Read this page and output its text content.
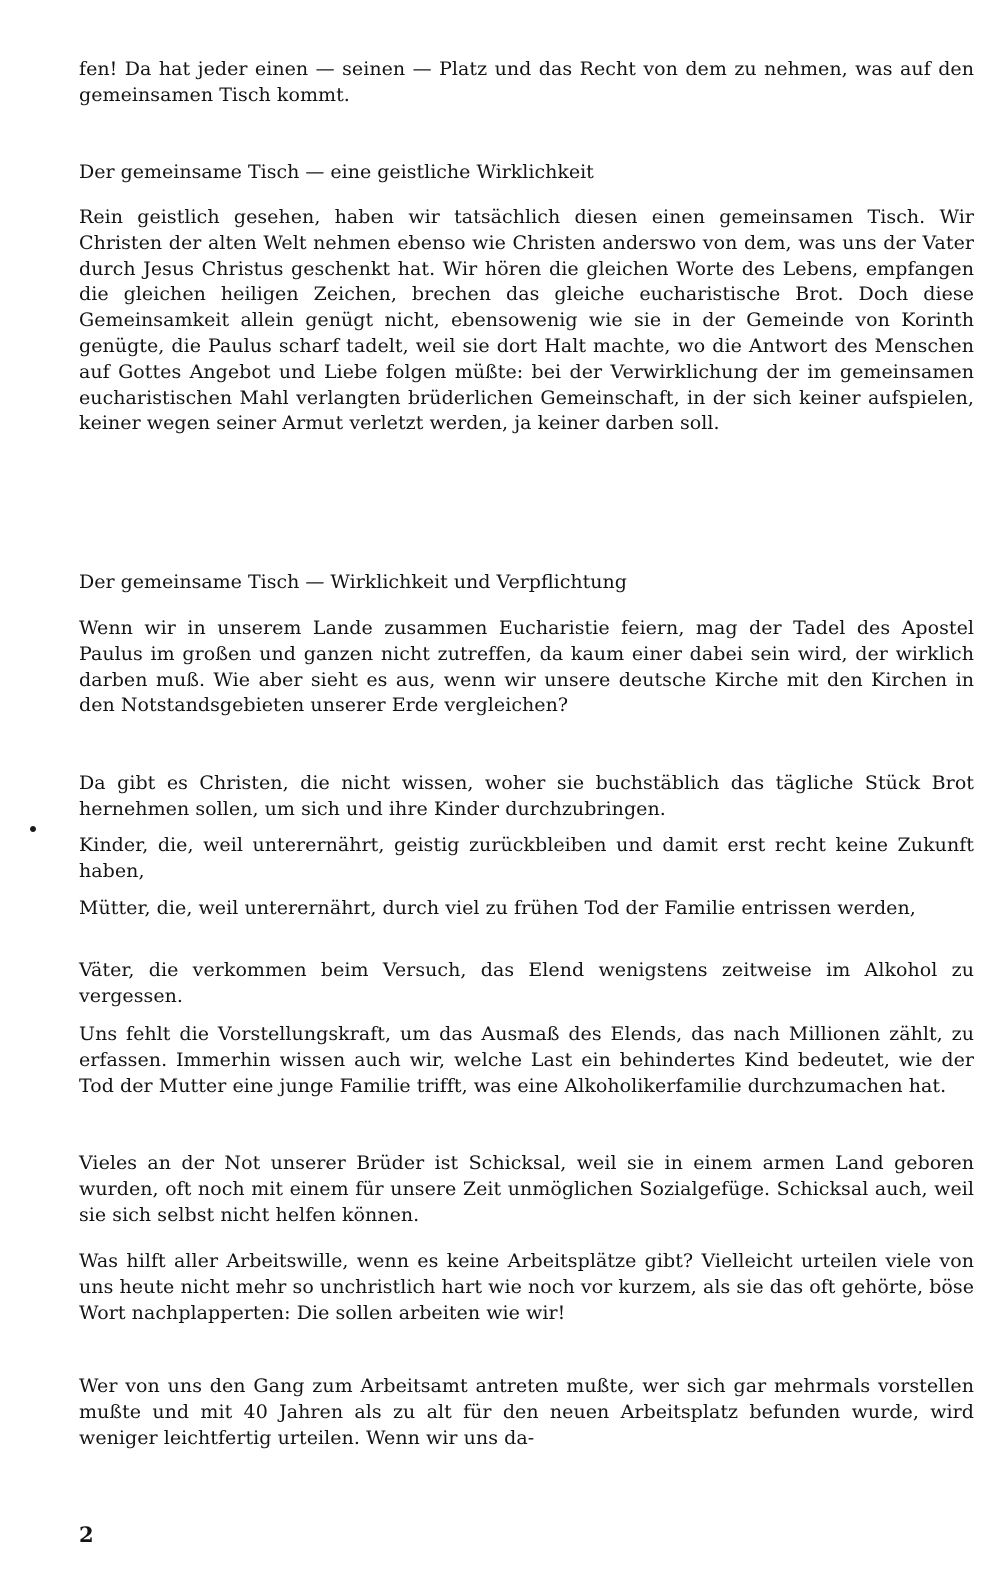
fen! Da hat jeder einen — seinen — Platz und das Recht von dem zu nehmen, was auf den gemeinsamen Tisch kommt.

Der gemeinsame Tisch — eine geistliche Wirklichkeit

Rein geistlich gesehen, haben wir tatsächlich diesen einen gemeinsamen Tisch. Wir Christen der alten Welt nehmen ebenso wie Christen anderswo von dem, was uns der Vater durch Jesus Christus geschenkt hat. Wir hören die gleichen Worte des Lebens, empfangen die gleichen heiligen Zeichen, brechen das gleiche eucharistische Brot. Doch diese Gemeinsamkeit allein genügt nicht, ebensowenig wie sie in der Gemeinde von Korinth genügte, die Paulus scharf tadelt, weil sie dort Halt machte, wo die Antwort des Menschen auf Gottes Angebot und Liebe folgen müßte: bei der Verwirklichung der im gemeinsamen eucharistischen Mahl verlangten brüderlichen Gemeinschaft, in der sich keiner aufspielen, keiner wegen seiner Armut verletzt werden, ja keiner darben soll.

Der gemeinsame Tisch — Wirklichkeit und Verpflichtung

Wenn wir in unserem Lande zusammen Eucharistie feiern, mag der Tadel des Apostel Paulus im großen und ganzen nicht zutreffen, da kaum einer dabei sein wird, der wirklich darben muß. Wie aber sieht es aus, wenn wir unsere deutsche Kirche mit den Kirchen in den Notstandsgebieten unserer Erde vergleichen?

Da gibt es Christen, die nicht wissen, woher sie buchstäblich das tägliche Stück Brot hernehmen sollen, um sich und ihre Kinder durchzubringen.

Kinder, die, weil unterernährt, geistig zurückbleiben und damit erst recht keine Zukunft haben,

Mütter, die, weil unterernährt, durch viel zu frühen Tod der Familie entrissen werden,

Väter, die verkommen beim Versuch, das Elend wenigstens zeitweise im Alkohol zu vergessen.

Uns fehlt die Vorstellungskraft, um das Ausmaß des Elends, das nach Millionen zählt, zu erfassen. Immerhin wissen auch wir, welche Last ein behindertes Kind bedeutet, wie der Tod der Mutter eine junge Familie trifft, was eine Alkoholikerfamilie durchzumachen hat.

Vieles an der Not unserer Brüder ist Schicksal, weil sie in einem armen Land geboren wurden, oft noch mit einem für unsere Zeit unmöglichen Sozialgefüge. Schicksal auch, weil sie sich selbst nicht helfen können.

Was hilft aller Arbeitswille, wenn es keine Arbeitsplätze gibt? Vielleicht urteilen viele von uns heute nicht mehr so unchristlich hart wie noch vor kurzem, als sie das oft gehörte, böse Wort nachplapperten: Die sollen arbeiten wie wir!

Wer von uns den Gang zum Arbeitsamt antreten mußte, wer sich gar mehrmals vorstellen mußte und mit 40 Jahren als zu alt für den neuen Arbeitsplatz befunden wurde, wird weniger leichtfertig urteilen. Wenn wir uns da-

2
